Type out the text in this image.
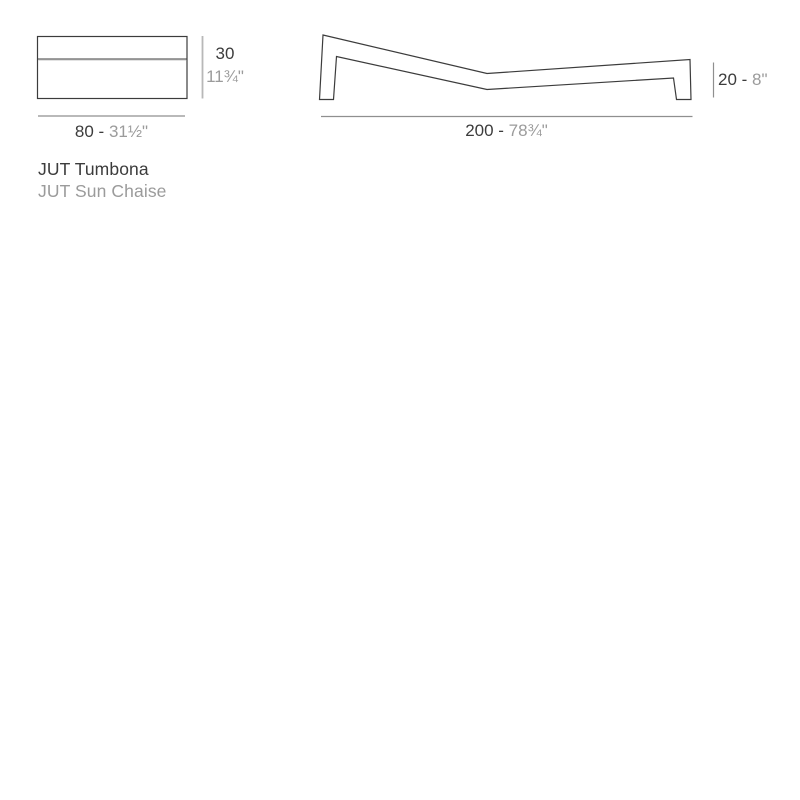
30
11¾"
80 - 31½"
20 - 8"
200 - 78¾"
JUT Tumbona
JUT Sun Chaise
